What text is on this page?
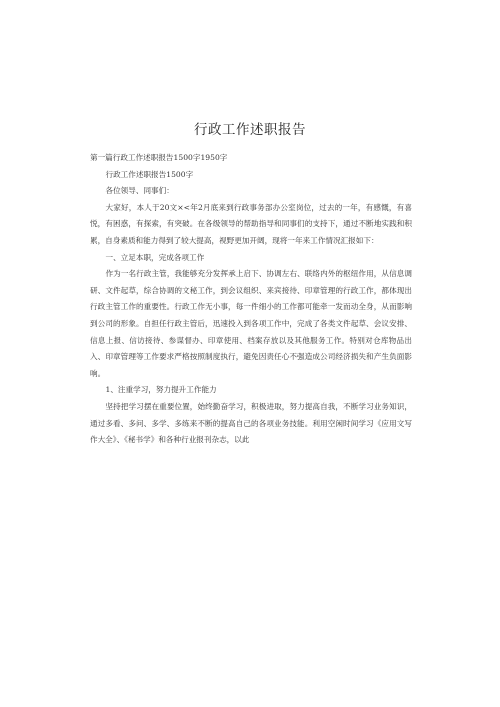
行政工作述职报告

第一篇行政工作述职报告1500字1950字

行政工作述职报告1500字

各位领导、同事们：

大家好，本人于20文×<年2月底来到行政事务部办公室岗位，过去的一年，有感慨，有喜悦，有困惑，有探索，有突破。在各级领导的帮助指导和同事们的支持下，通过不断地实践和积累，自身素质和能力得到了较大提高，视野更加开阔，现将一年来工作情况汇报如下：

一、立足本职，完成各项工作

作为一名行政主管，我能够充分发挥承上启下、协调左右、联络内外的枢纽作用，从信息调研、文件起草，综合协调的文秘工作，到会议组织、来宾接待、印章管理的行政工作，都体现出行政主管工作的重要性。行政工作无小事，每一件细小的工作都可能牵一发而动全身，从而影响到公司的形象。自担任行政主管后，迅速投入到各项工作中，完成了各类文件起草、会议安排、信息上报、信访接待、参谋督办、印章使用、档案存放以及其他服务工作。特别对仓库物品出入、印章管理等工作要求严格按照制度执行，避免因责任心不强造成公司经济损失和产生负面影响。

1、注重学习，努力提升工作能力

坚持把学习摆在重要位置，始终勤奋学习，积极进取，努力提高自我，不断学习业务知识，通过多看、多问、多学、多练来不断的提高自己的各项业务技能。利用空闲时间学习《应用文写作大全》、《秘书学》和各种行业报刊杂志，以此
